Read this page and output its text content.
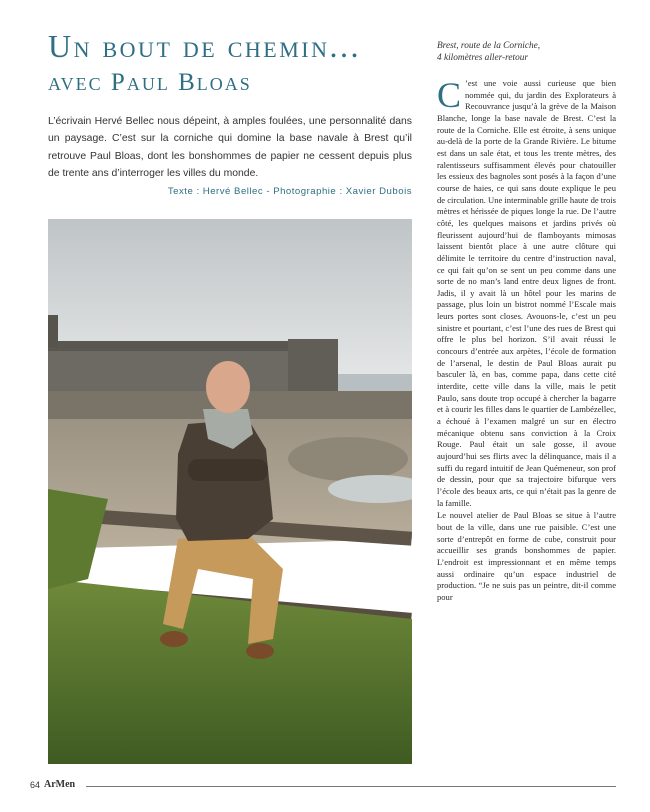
Un bout de chemin...
avec Paul Bloas
L’écrivain Hervé Bellec nous dépeint, à amples foulées, une personnalité dans un paysage. C’est sur la corniche qui domine la base navale à Brest qu’il retrouve Paul Bloas, dont les bonshommes de papier ne cessent depuis plus de trente ans d’interroger les villes du monde.
Texte : Hervé Bellec - Photographie : Xavier Dubois
Brest, route de la Corniche,
4 kilomètres aller-retour

C ’est une voie aussi curieuse que bien nommée qui, du jardin des Explorateurs à Recouvrance jusqu’à la grève de la Maison Blanche, longe la base navale de Brest. C’est la route de la Corniche. Elle est étroite, à sens unique au-delà de la porte de la Grande Rivière. Le bitume est dans un sale état, et tous les trente mètres, des ralentisseurs suffisamment élevés pour chatouiller les essieux des bagnoles sont posés à la façon d’une course de haies, ce qui sans doute explique le peu de circulation. Une interminable grille haute de trois mètres et hérissée de piques longe la rue. De l’autre côté, les quelques maisons et jardins privés où fleurissent aujourd’hui de flamboyants mimosas laissent bientôt place à une autre clôture qui délimite le territoire du centre d’instruction naval, ce qui fait qu’on se sent un peu comme dans une sorte de no man’s land entre deux lignes de front. Jadis, il y avait là un hôtel pour les marins de passage, plus loin un bistrot nommé l’Escale mais leurs portes sont closes. Avouons-le, c’est un peu sinistre et pourtant, c’est l’une des rues de Brest qui offre le plus bel horizon. S’il avait réussi le concours d’entrée aux arpètes, l’école de formation de l’arsenal, le destin de Paul Bloas aurait pu basculer là, en bas, comme papa, dans cette cité interdite, cette ville dans la ville, mais le petit Paulo, sans doute trop occupé à chercher la bagarre et à courir les filles dans le quartier de Lambézellec, a échoué à l’examen malgré un sur en électro mécanique obtenu sans conviction à la Croix Rouge. Paul était un sale gosse, il avoue aujourd’hui ses flirts avec la délinquance, mais il a suffi du regard intuitif de Jean Quémeneur, son prof de dessin, pour que sa trajectoire bifurque vers l’école des beaux arts, ce qui n’était pas la genre de la famille.

Le nouvel atelier de Paul Bloas se situe à l’autre bout de la ville, dans une rue paisible. C’est une sorte d’entrepôt en forme de cube, construit pour accueillir ses grands bonshommes de papier. L’endroit est impressionnant et en même temps aussi ordinaire qu’un espace industriel de production. “Je ne suis pas un peintre, dit-il comme pour

64 ArMen
